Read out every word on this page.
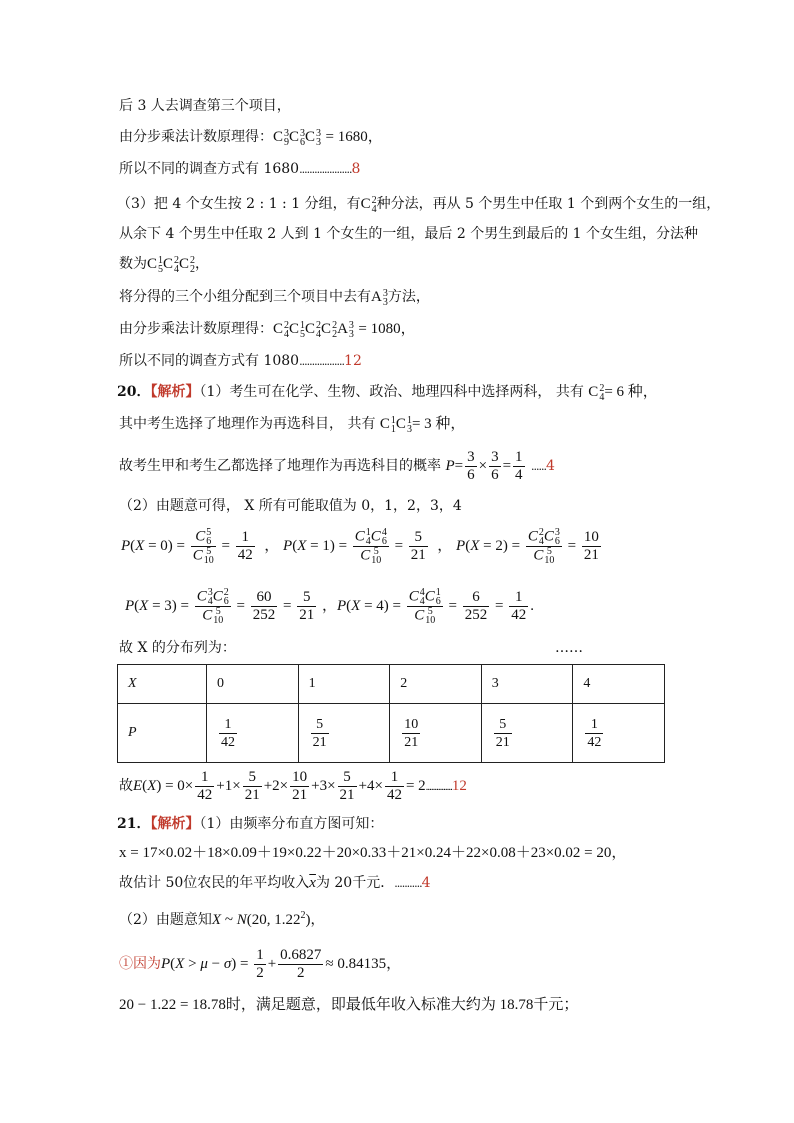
后 3 人去调查第三个项目，
由分步乘法计数原理得：C 3
9 C 3
6 C 3
3 = 1680，
所以不同的调查方式有 1680.....................8
（3）把 4 个女生按 2 : 1 : 1 分组，有C 2
4 种分法，再从 5 个男生中任取 1 个到两个女生的一组，
从余下 4 个男生中任取 2 人到 1 个女生的一组，最后 2 个男生到最后的 1 个女生组，分法种
数为C 1
5 C 2
4 C 2
2 ，
将分得的三个小组分配到三个项目中去有A 3
3 方法，
由分步乘法计数原理得：C 2
4 C 1
5 C 2
4 C 2
2 A 3
3 = 1080，
所以不同的调查方式有 1080..................12
20．【解析】（1）考生可在化学、生物、政治、地理四科中选择两科， 共有 C 2
4 = 6 种，
其中考生选择了地理作为再选科目， 共有 C 1
1 C 1
3 = 3 种，
故考生甲和考生乙都选择了地理作为再选科目的概率 $P= \frac{3}{6} \times \frac{3}{6} = \frac{1}{4} ......4$
（2）由题意可得， X 所有可能取值为 0，1，2，3，4
P(X = 0) = C 5
6
C 5
$10 = \frac{1}{42}$ ， P(X = 1) = C 1
4 C 4
6
C 5
$10 = \frac{5}{21}$ ， P(X = 2) = C 2
4 C 3
6
C 5
$10 = \frac{10}{21}$
P(X = 3) = C 3
4 C 2
6
C 5
$10 = \frac{60}{252} = \frac{5}{21}$ ，P(X = 4) = C 4
4 C 1
6
C 5
$10 = \frac{6}{252} = \frac{1}{42}$ .
故 X 的分布列为：	……
X	0	1	2	3	4
P	$\frac{1}{42}$	$\frac{5}{21}$	$\frac{10}{21}$	$\frac{5}{21}$	$\frac{1}{42}$
故$E(X) = 0\times \frac{1}{42} +1\times \frac{5}{21} +2\times \frac{10}{21} +3\times \frac{5}{21} +4\times \frac{1}{42} = 2...............12$
21．【解析】（1）由频率分布直方图可知：
x = 17×0.02＋18×0.09＋19×0.22＋20×0.33＋21×0.24＋22×0.08＋23×0.02 = 20，
故估计 50位农民的年平均收入$\overline{x}$为 20千元．...........4
（2）由题意知X ~ N(20, 1.22$^2$)，
①因为$P(X > \mu - \sigma) = \frac{1}{2} + \frac{0.6827}{2} \approx 0.84135$，
20 − 1.22 = 18.78时，满足题意，即最低年收入标准大约为 18.78千元；
